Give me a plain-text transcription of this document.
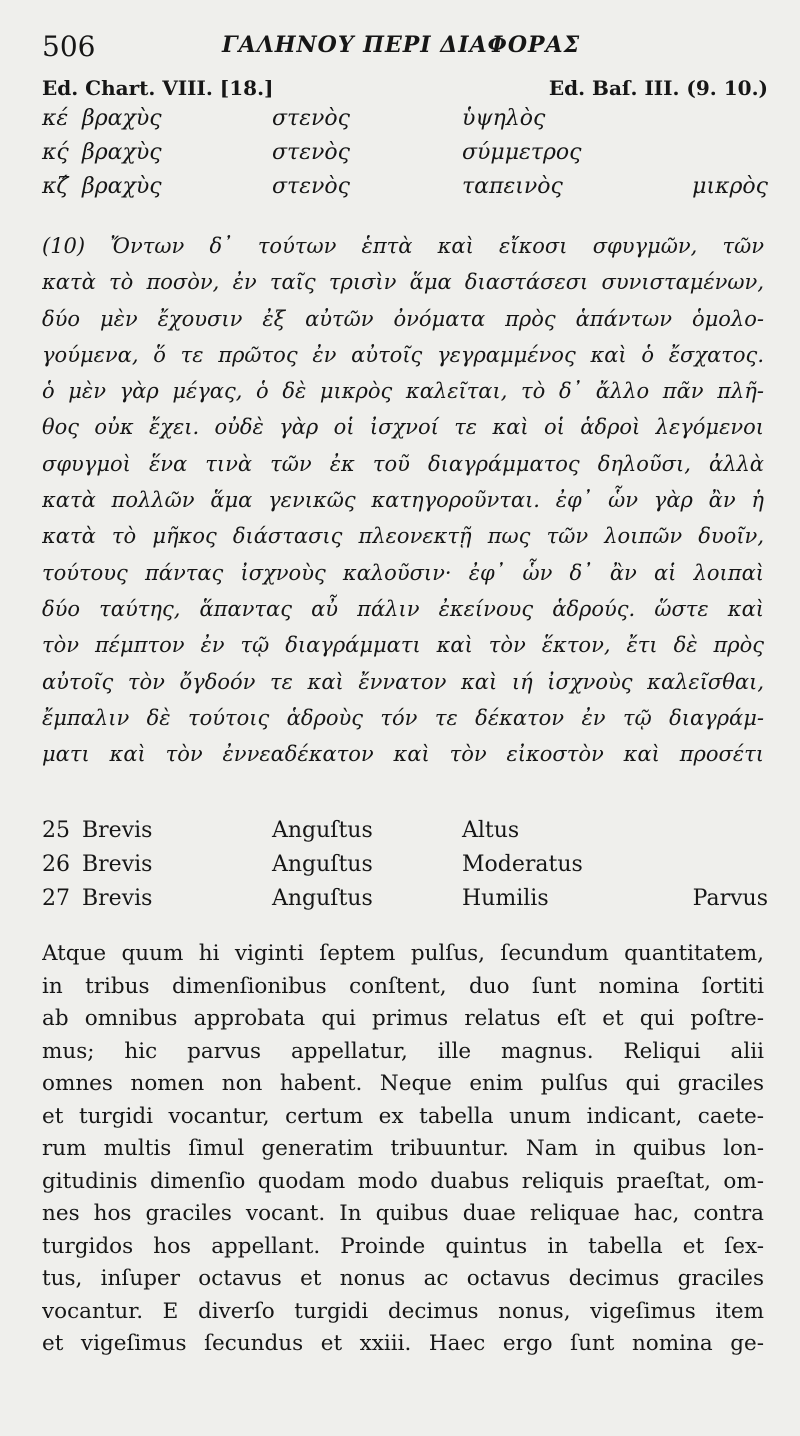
506	ΓΑΛΗΝΟΥ ΠΕΡΙ ΔΙΑΦΟΡΑΣ
Ed. Chart. VIII. [18.]	Ed. Baſ. III. (9. 10.)
κέ βραχὺς	στενὸς	ὑψηλὸς
κς́ βραχὺς	στενὸς	σύμμετρος
κζ́ βραχὺς	στενὸς	ταπεινὸς	μικρὸς
(10) Ὄντων δ᾽ τούτων ἑπτὰ καὶ εἴκοσι σφυγμῶν, τῶν
κατὰ τὸ ποσὸν, ἐν ταῖς τρισὶν ἅμα διαστάσεσι συνισταμένων,
δύο μὲν ἔχουσιν ἐξ αὐτῶν ὀνόματα πρὸς ἁπάντων ὁμολο-
γούμενα, ὅ τε πρῶτος ἐν αὐτοῖς γεγραμμένος καὶ ὁ ἔσχατος.
ὁ μὲν γὰρ μέγας, ὁ δὲ μικρὸς καλεῖται, τὸ δ᾽ ἄλλο πᾶν πλῆ-
θος οὐκ ἔχει. οὐδὲ γὰρ οἱ ἰσχνοί τε καὶ οἱ ἁδροὶ λεγόμενοι
σφυγμοὶ ἕνα τινὰ τῶν ἐκ τοῦ διαγράμματος δηλοῦσι, ἀλλὰ
κατὰ πολλῶν ἅμα γενικῶς κατηγοροῦνται. ἐφ᾽ ὧν γὰρ ἂν ἡ
κατὰ τὸ μῆκος διάστασις πλεονεκτῇ πως τῶν λοιπῶν δυοῖν,
τούτους πάντας ἰσχνοὺς καλοῦσιν· ἐφ᾽ ὧν δ᾽ ἂν αἱ λοιπαὶ
δύο ταύτης, ἅπαντας αὖ πάλιν ἐκείνους ἁδρούς. ὥστε καὶ
τὸν πέμπτον ἐν τῷ διαγράμματι καὶ τὸν ἕκτον, ἔτι δὲ πρὸς
αὐτοῖς τὸν ὄγδοόν τε καὶ ἔννατον καὶ ιή ἰσχνοὺς καλεῖσθαι,
ἔμπαλιν δὲ τούτοις ἁδροὺς τόν τε δέκατον ἐν τῷ διαγράμ-
ματι καὶ τὸν ἐννεαδέκατον καὶ τὸν εἰκοστὸν καὶ προσέτι
25 Brevis	Anguſtus	Altus
26 Brevis	Anguſtus	Moderatus
27 Brevis	Anguſtus	Humilis	Parvus
Atque quum hi viginti ſeptem pulſus, ſecundum quantitatem,
in tribus dimenſionibus conſtent, duo ſunt nomina ſortiti
ab omnibus approbata qui primus relatus eſt et qui poſtre-
mus; hic parvus appellatur, ille magnus. Reliqui alii
omnes nomen non habent. Neque enim pulſus qui graciles
et turgidi vocantur, certum ex tabella unum indicant, caete-
rum multis ſimul generatim tribuuntur. Nam in quibus lon-
gitudinis dimenſio quodam modo duabus reliquis praeſtat, om-
nes hos graciles vocant. In quibus duae reliquae hac, contra
turgidos hos appellant. Proinde quintus in tabella et ſex-
tus, inſuper octavus et nonus ac octavus decimus graciles
vocantur. E diverſo turgidi decimus nonus, vigeſimus item
et vigeſimus ſecundus et xxiii. Haec ergo ſunt nomina ge-
